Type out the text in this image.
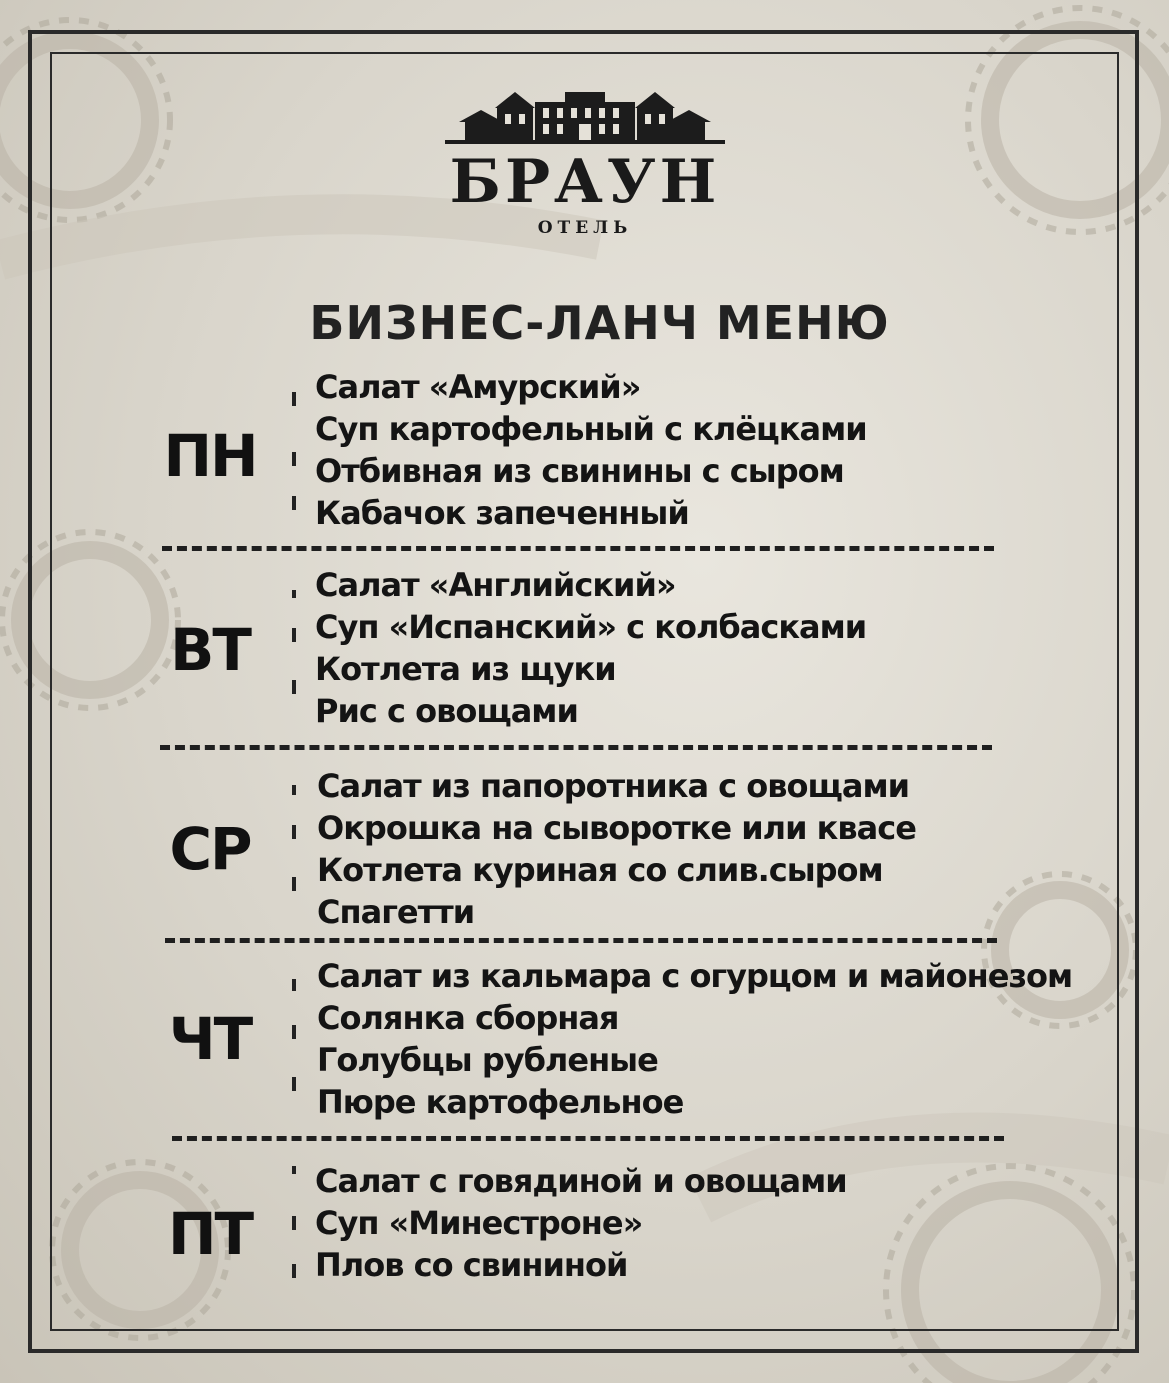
БРАУН
ОТЕЛЬ
БИЗНЕС-ЛАНЧ МЕНЮ
ПН
Салат «Амурский»
Суп картофельный с клёцками
Отбивная из свинины с сыром
Кабачок запеченный
ВТ
Салат «Английский»
Суп «Испанский» с колбасками
Котлета из щуки
Рис с овощами
СР
Салат из папоротника с овощами
Окрошка на сыворотке или квасе
Котлета куриная со слив.сыром
Спагетти
ЧТ
Салат из кальмара с огурцом и майонезом
Солянка сборная
Голубцы рубленые
Пюре картофельное
ПТ
Салат с говядиной и овощами
Суп «Минестроне»
Плов со свининой
